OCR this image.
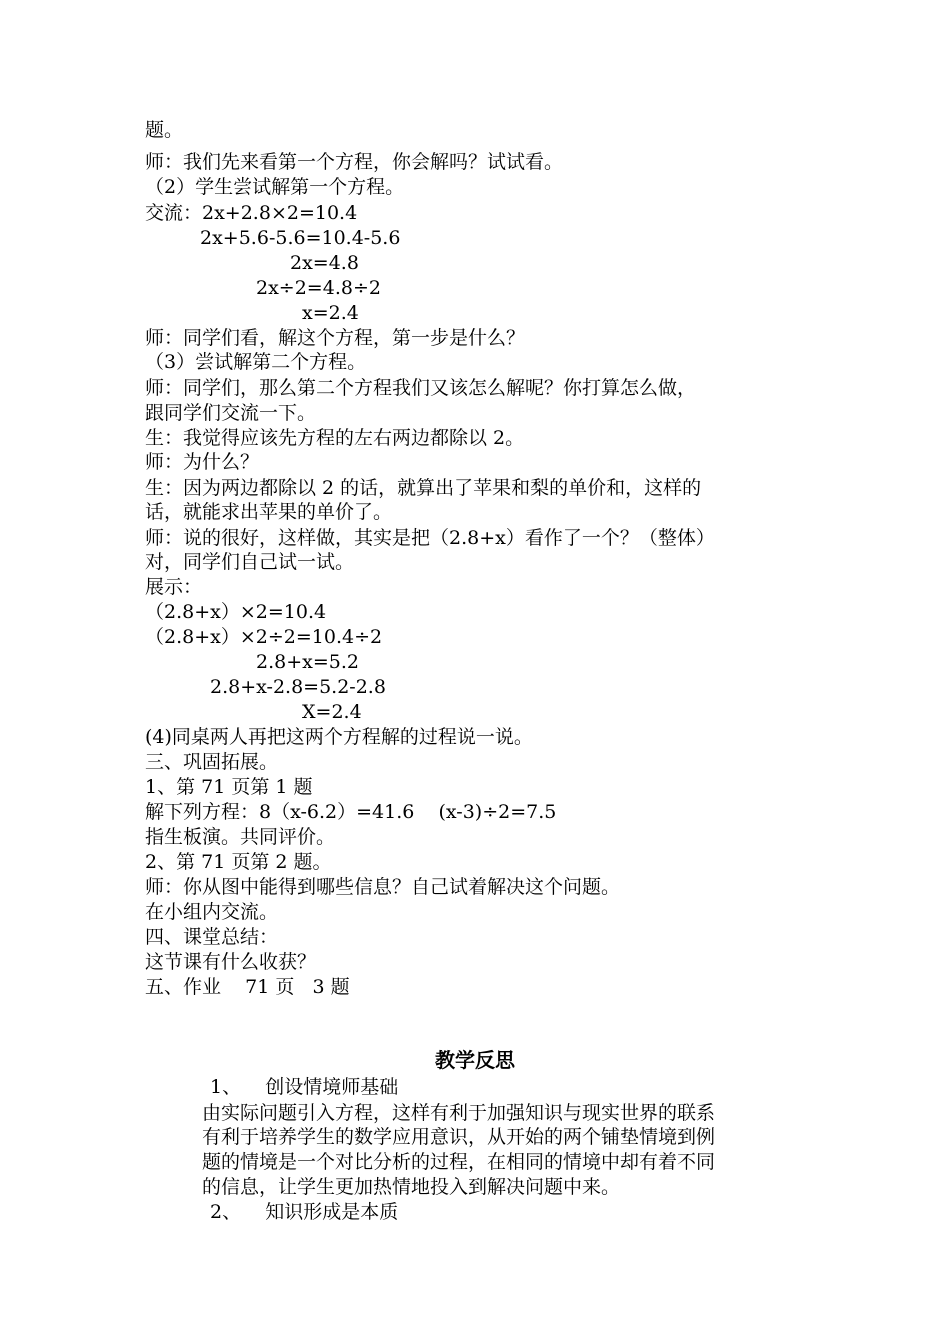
题。
师：我们先来看第一个方程，你会解吗？试试看。
（2）学生尝试解第一个方程。
交流：2x+2.8×2=10.4
2x+5.6-5.6=10.4-5.6
2x=4.8
2x÷2=4.8÷2
x=2.4
师：同学们看，解这个方程，第一步是什么？
（3）尝试解第二个方程。
师：同学们，那么第二个方程我们又该怎么解呢？你打算怎么做，
跟同学们交流一下。
生：我觉得应该先方程的左右两边都除以 2。
师：为什么？
生：因为两边都除以 2 的话，就算出了苹果和梨的单价和，这样的
话，就能求出苹果的单价了。
师：说的很好，这样做，其实是把（2.8+x）看作了一个？（整体）
对，同学们自己试一试。
展示：
（2.8+x）×2=10.4
（2.8+x）×2÷2=10.4÷2
2.8+x=5.2
2.8+x-2.8=5.2-2.8
X=2.4
(4)同桌两人再把这两个方程解的过程说一说。
三、巩固拓展。
1、第 71 页第 1 题
解下列方程：8（x-6.2）=41.6    (x-3)÷2=7.5
指生板演。共同评价。
2、第 71 页第 2 题。
师：你从图中能得到哪些信息？自己试着解决这个问题。
在小组内交流。
四、课堂总结：
这节课有什么收获？
五、作业    71 页   3 题
教学反思
1、    创设情境师基础
由实际问题引入方程，这样有利于加强知识与现实世界的联系
有利于培养学生的数学应用意识，从开始的两个铺垫情境到例
题的情境是一个对比分析的过程，在相同的情境中却有着不同
的信息，让学生更加热情地投入到解决问题中来。
2、    知识形成是本质
